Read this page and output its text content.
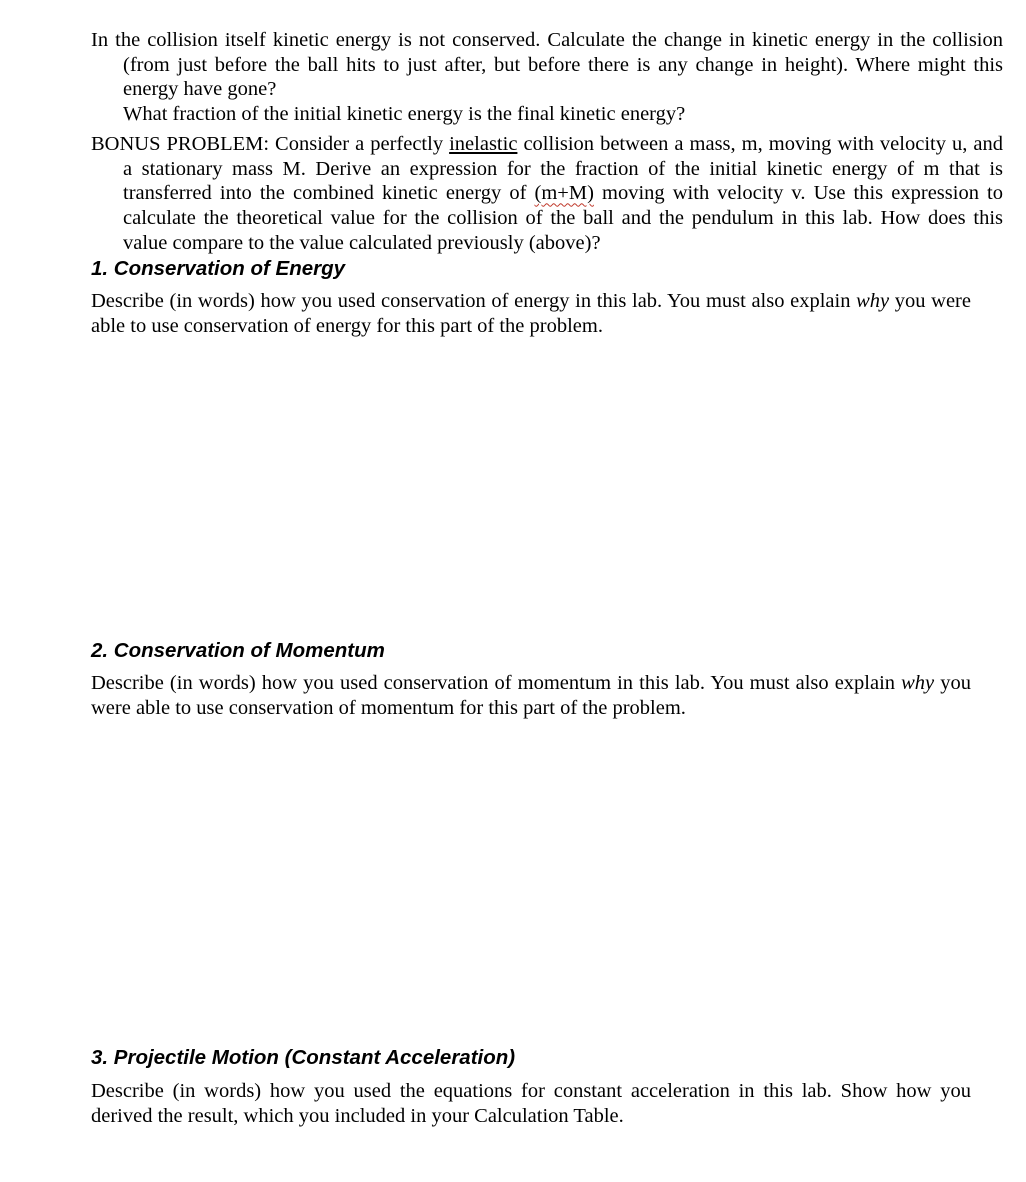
In the collision itself kinetic energy is not conserved. Calculate the change in kinetic energy in the collision (from just before the ball hits to just after, but before there is any change in height). Where might this energy have gone?
What fraction of the initial kinetic energy is the final kinetic energy?
BONUS PROBLEM: Consider a perfectly inelastic collision between a mass, m, moving with velocity u, and a stationary mass M. Derive an expression for the fraction of the initial kinetic energy of m that is transferred into the combined kinetic energy of (m+M) moving with velocity v. Use this expression to calculate the theoretical value for the collision of the ball and the pendulum in this lab. How does this value compare to the value calculated previously (above)?
1. Conservation of Energy
Describe (in words) how you used conservation of energy in this lab. You must also explain why you were able to use conservation of energy for this part of the problem.
2. Conservation of Momentum
Describe (in words) how you used conservation of momentum in this lab. You must also explain why you were able to use conservation of momentum for this part of the problem.
3. Projectile Motion (Constant Acceleration)
Describe (in words) how you used the equations for constant acceleration in this lab. Show how you derived the result, which you included in your Calculation Table.
